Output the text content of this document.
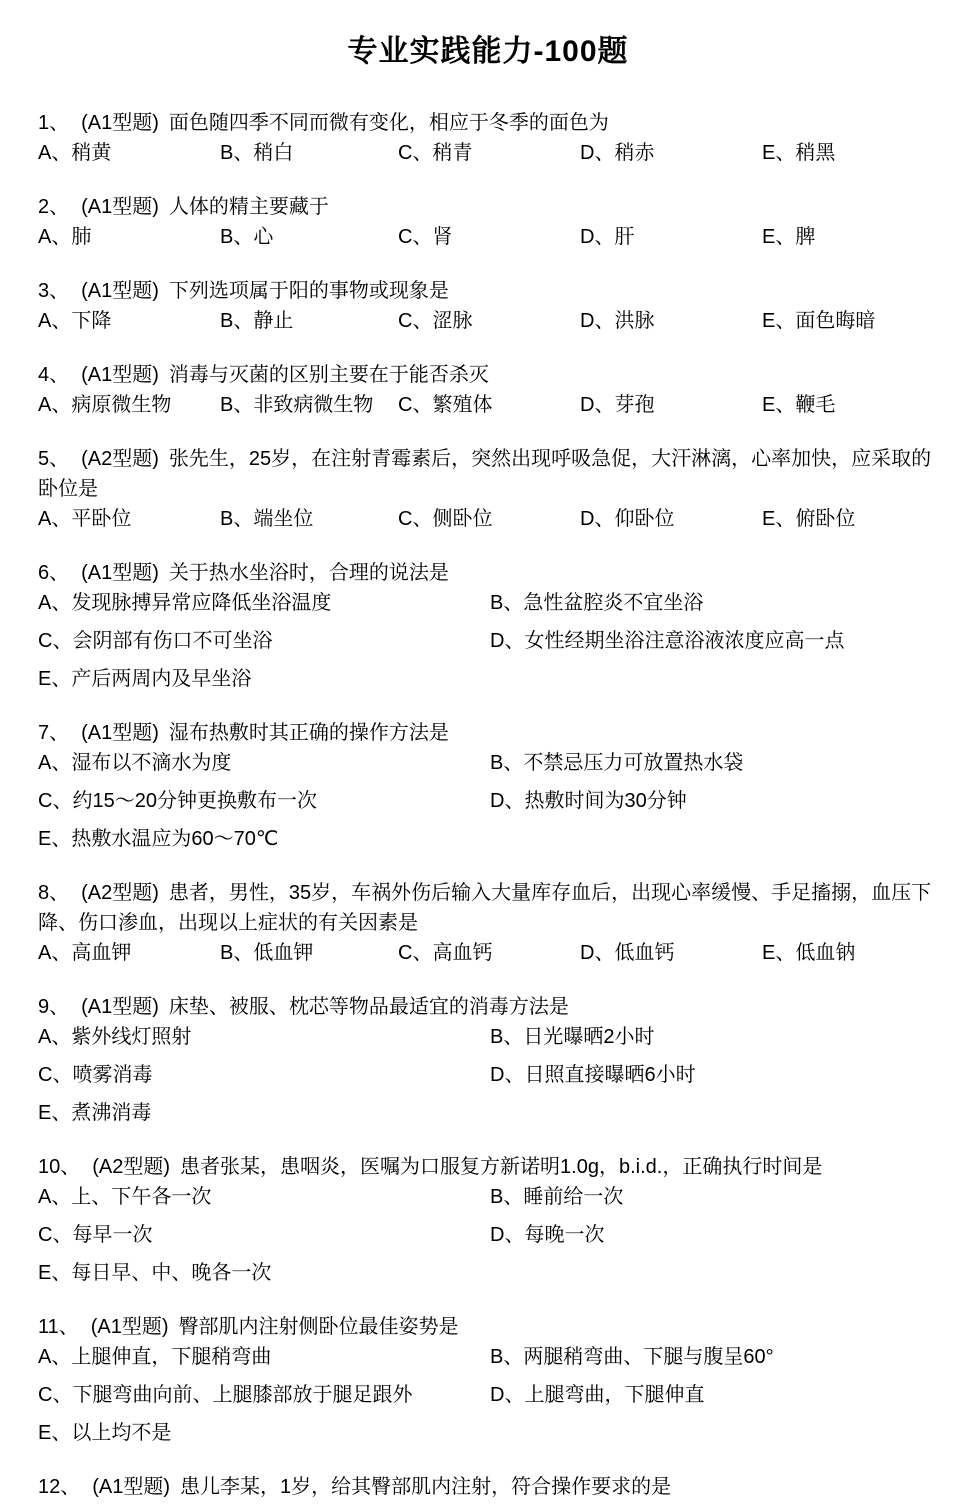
专业实践能力-100题
1、 (A1型题) 面色随四季不同而微有变化，相应于冬季的面色为
A、稍黄	B、稍白	C、稍青	D、稍赤	E、稍黑
2、 (A1型题) 人体的精主要藏于
A、肺	B、心	C、肾	D、肝	E、脾
3、 (A1型题) 下列选项属于阳的事物或现象是
A、下降	B、静止	C、涩脉	D、洪脉	E、面色晦暗
4、 (A1型题) 消毒与灭菌的区别主要在于能否杀灭
A、病原微生物	B、非致病微生物	C、繁殖体	D、芽孢	E、鞭毛
5、 (A2型题) 张先生，25岁，在注射青霉素后，突然出现呼吸急促，大汗淋漓，心率加快，应采取的卧位是
A、平卧位	B、端坐位	C、侧卧位	D、仰卧位	E、俯卧位
6、 (A1型题) 关于热水坐浴时，合理的说法是
A、发现脉搏异常应降低坐浴温度	B、急性盆腔炎不宜坐浴
C、会阴部有伤口不可坐浴	D、女性经期坐浴注意浴液浓度应高一点
E、产后两周内及早坐浴
7、 (A1型题) 湿布热敷时其正确的操作方法是
A、湿布以不滴水为度	B、不禁忌压力可放置热水袋
C、约15～20分钟更换敷布一次	D、热敷时间为30分钟
E、热敷水温应为60～70℃
8、 (A2型题) 患者，男性，35岁，车祸外伤后输入大量库存血后，出现心率缓慢、手足搐搦，血压下降、伤口渗血，出现以上症状的有关因素是
A、高血钾	B、低血钾	C、高血钙	D、低血钙	E、低血钠
9、 (A1型题) 床垫、被服、枕芯等物品最适宜的消毒方法是
A、紫外线灯照射	B、日光曝晒2小时
C、喷雾消毒	D、日照直接曝晒6小时
E、煮沸消毒
10、 (A2型题) 患者张某，患咽炎，医嘱为口服复方新诺明1.0g，b.i.d.，正确执行时间是
A、上、下午各一次	B、睡前给一次
C、每早一次	D、每晚一次
E、每日早、中、晚各一次
11、 (A1型题) 臀部肌内注射侧卧位最佳姿势是
A、上腿伸直，下腿稍弯曲	B、两腿稍弯曲、下腿与腹呈60°
C、下腿弯曲向前、上腿膝部放于腿足跟外	D、上腿弯曲，下腿伸直
E、以上均不是
12、 (A1型题) 患儿李某，1岁，给其臀部肌内注射，符合操作要求的是
